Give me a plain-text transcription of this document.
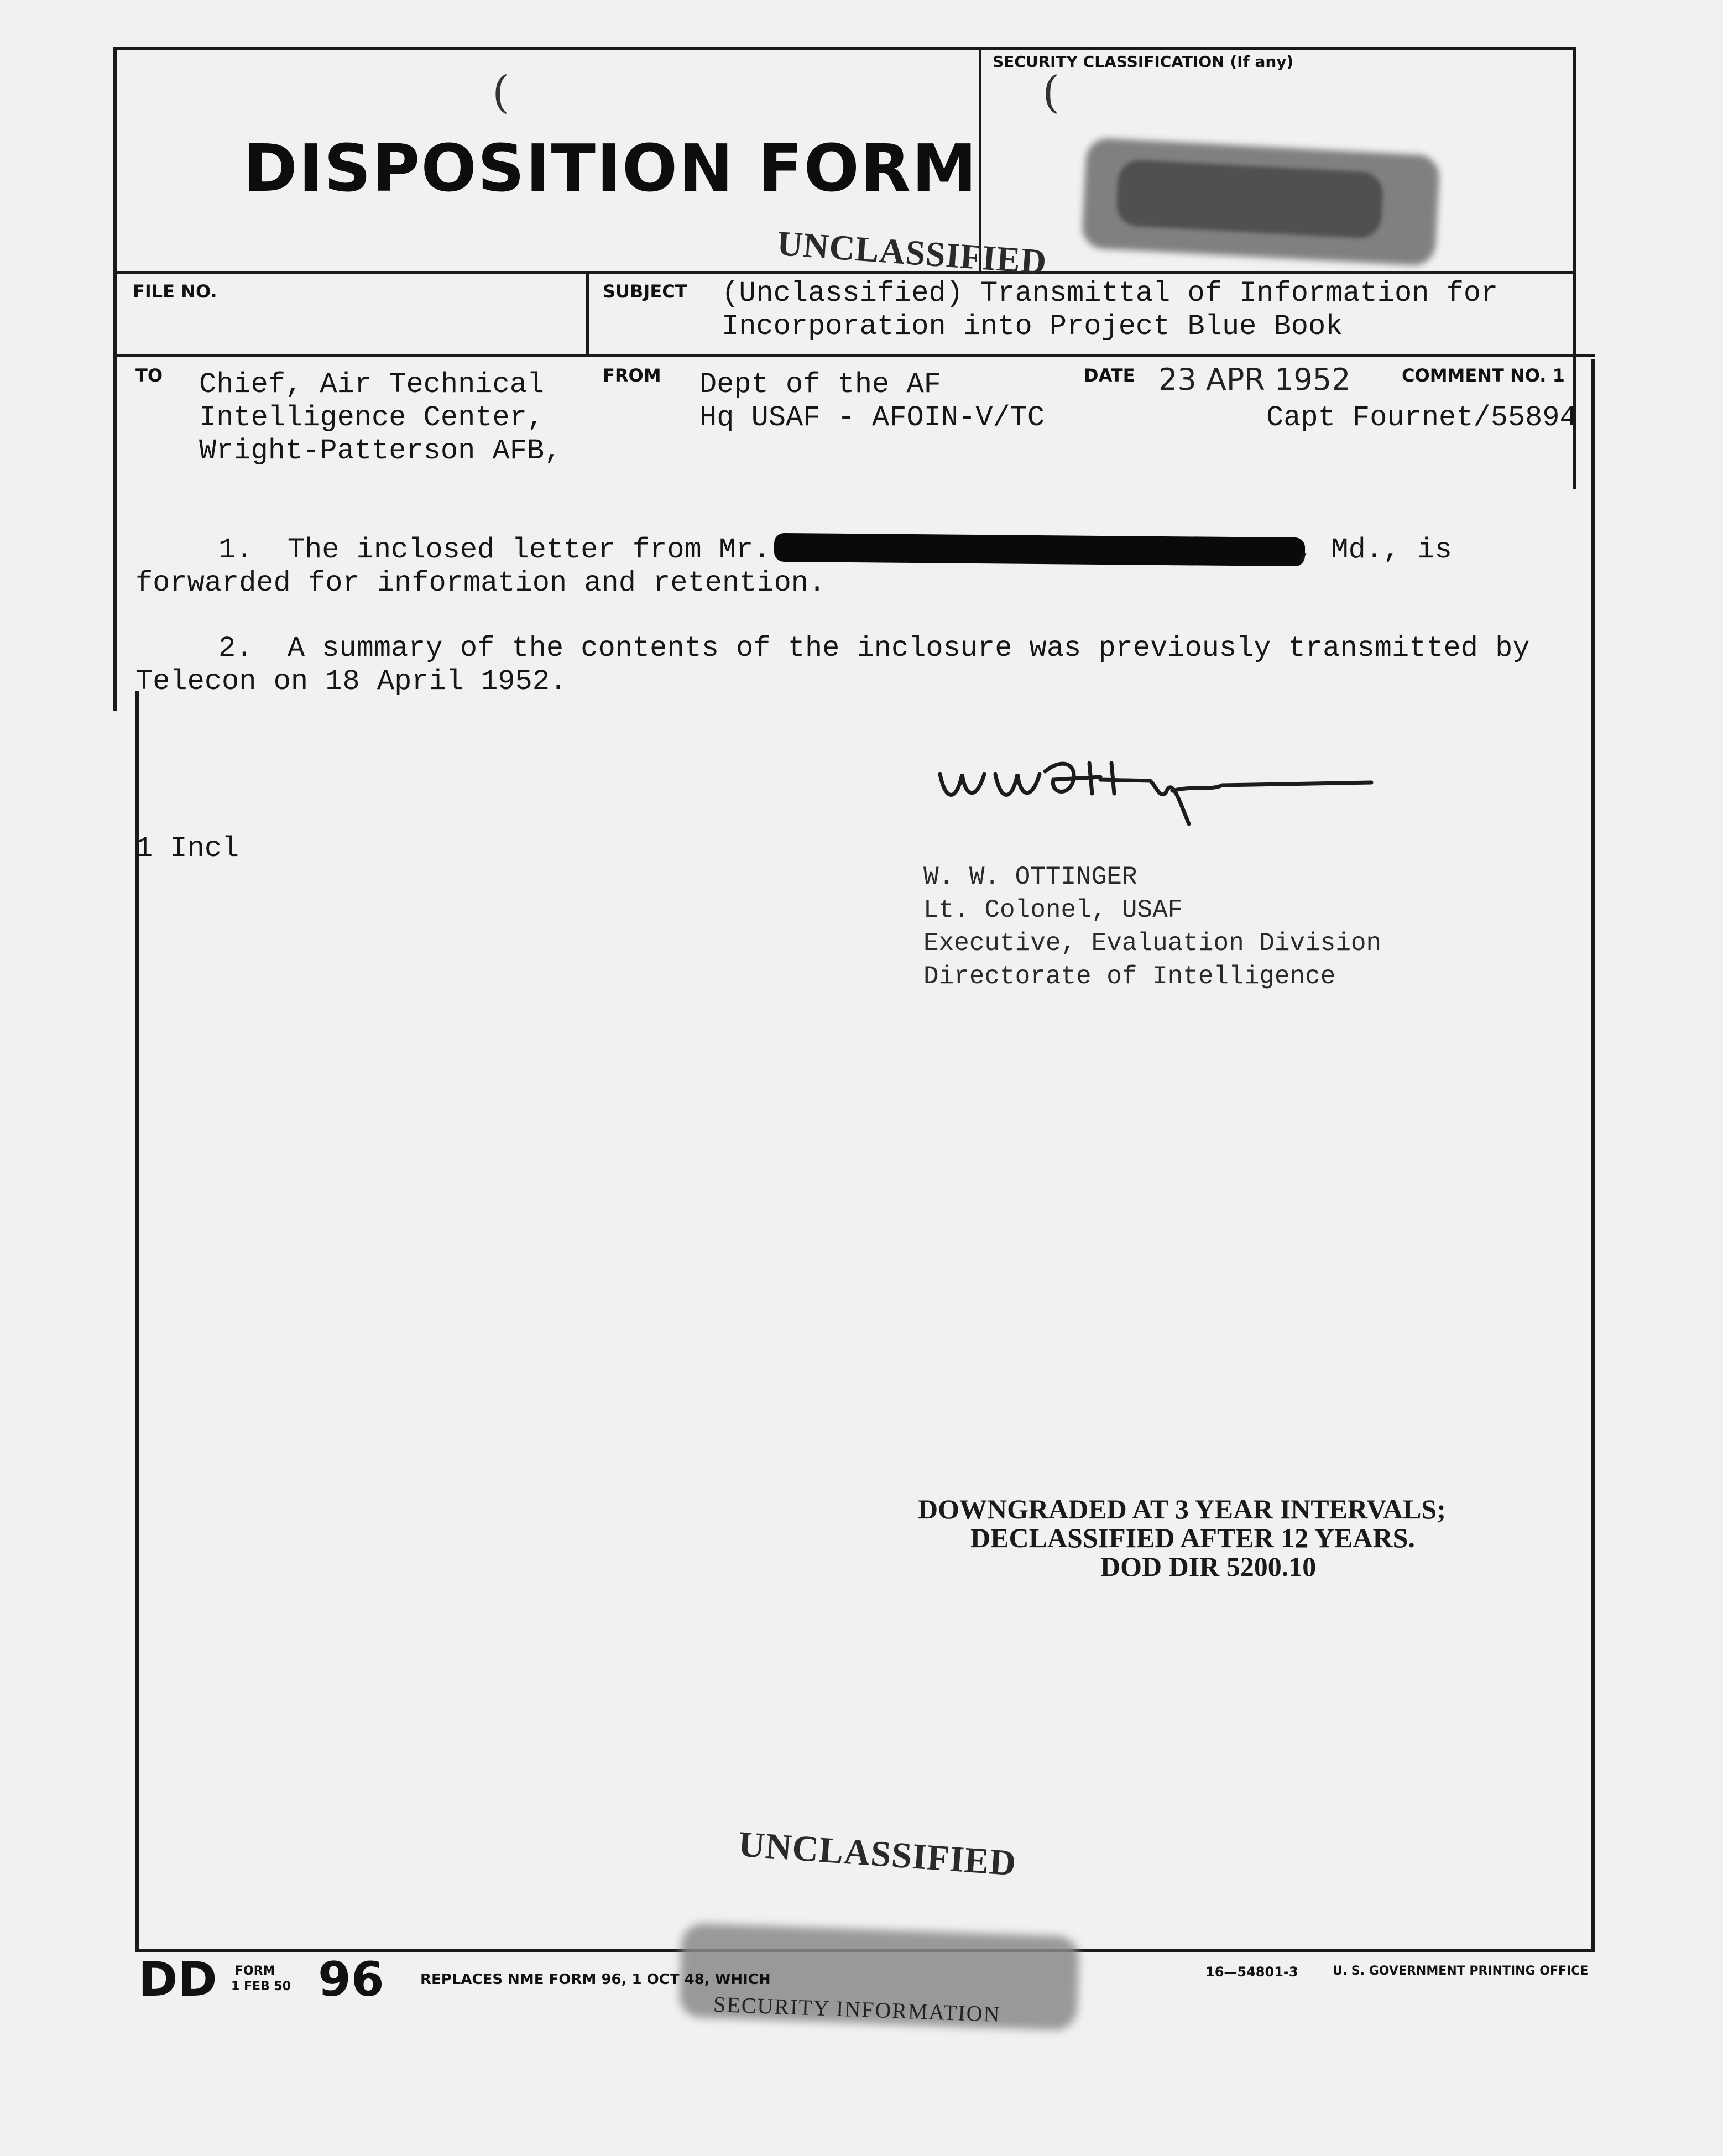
DISPOSITION FORM
(
SECURITY CLASSIFICATION (If any)
(
UNCLASSIFIED
FILE NO.	SUBJECT (Unclassified) Transmittal of Information for
Incorporation into Project Blue Book
TO Chief, Air Technical
Intelligence Center,
Wright-Patterson AFB,
FROM Dept of the AF
Hq USAF - AFOIN-V/TC
DATE 23 APR 1952	COMMENT NO. 1
Capt Fournet/55894
1.  The inclosed letter from Mr.	, Md., is
forwarded for information and retention.
2.  A summary of the contents of the inclosure was previously transmitted by
Telecon on 18 April 1952.
1 Incl
W. W. OTTINGER
Lt. Colonel, USAF
Executive, Evaluation Division
Directorate of Intelligence
DOWNGRADED AT 3 YEAR INTERVALS;
DECLASSIFIED AFTER 12 YEARS.
DOD DIR 5200.10
UNCLASSIFIED
SECURITY INFORMATION
DD FORM
1 FEB 50 96	REPLACES NME FORM 96, 1 OCT 48, WHICH	16—54801-3	U. S. GOVERNMENT PRINTING OFFICE
